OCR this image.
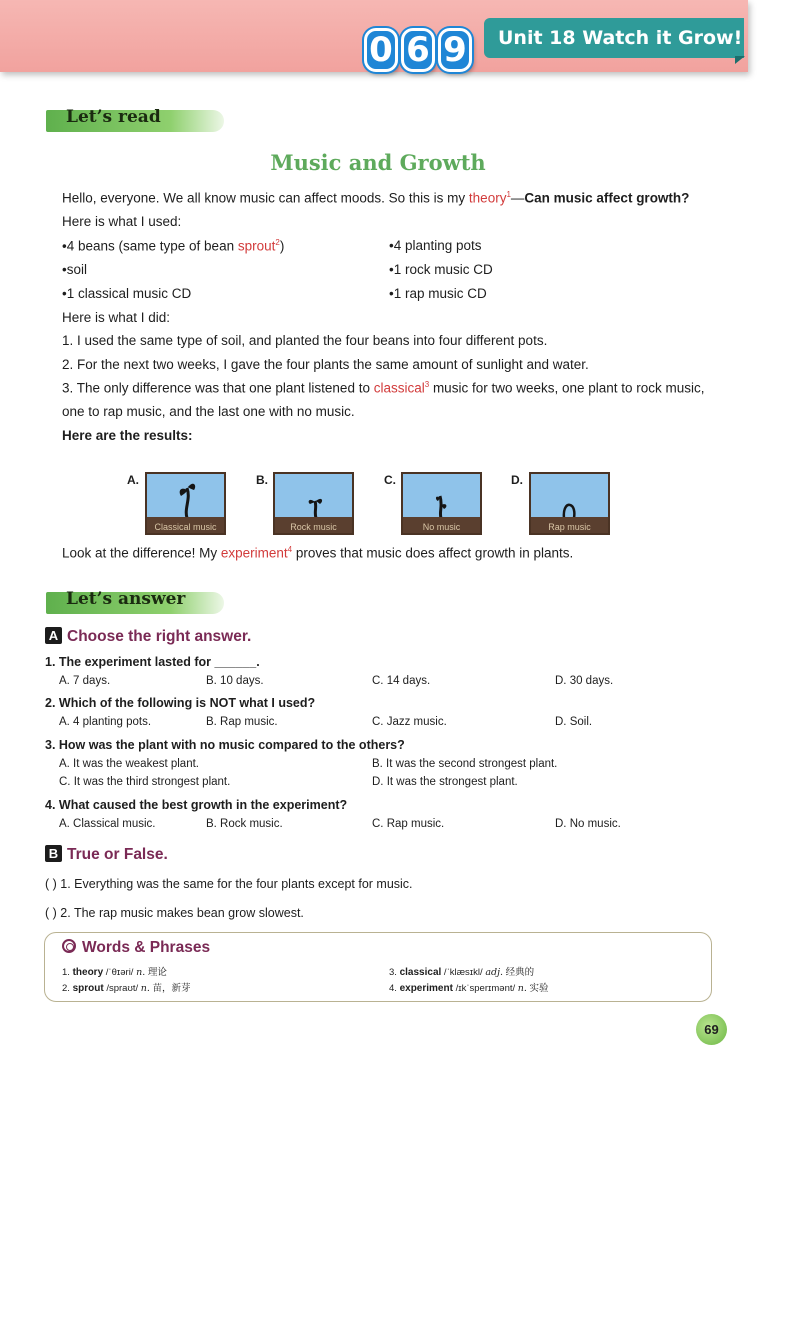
0 6 9	Unit 18 Watch it Grow!
Let’s read
Music and Growth
Hello, everyone. We all know music can affect moods. So this is my theory$^1$—Can music affect growth?
Here is what I used:
•4 beans (same type of bean sprout$^2$)	•4 planting pots
•soil	•1 rock music CD
•1 classical music CD	•1 rap music CD
Here is what I did:
1. I used the same type of soil, and planted the four beans into four different pots.
2. For the next two weeks, I gave the four plants the same amount of sunlight and water.
3. The only difference was that one plant listened to classical$^3$ music for two weeks, one plant to rock music,
one to rap music, and the last one with no music.
Here are the results:
A.
Classical music
B.
Rock music
C.
No music
D.
Rap music
Look at the difference! My experiment$^4$ proves that music does affect growth in plants.
Let’s answer
A Choose the right answer.
1. The experiment lasted for ______.
A. 7 days.	B. 10 days.	C. 14 days.	D. 30 days.
2. Which of the following is NOT what I used?
A. 4 planting pots.	B. Rap music.	C. Jazz music.	D. Soil.
3. How was the plant with no music compared to the others?
A. It was the weakest plant.	B. It was the second strongest plant.
C. It was the third strongest plant.	D. It was the strongest plant.
4. What caused the best growth in the experiment?
A. Classical music.	B. Rock music.	C. Rap music.	D. No music.
B True or False.
( ) 1. Everything was the same for the four plants except for music.
( ) 2. The rap music makes bean grow slowest.
Words & Phrases
1. theory /ˈθɪəri/ n. 理论
2. sprout /spraʊt/ n. 苗，新芽
3. classical /ˈklæsɪkl/ adj. 经典的
4. experiment /ɪkˈsperɪmənt/ n. 实验
69
